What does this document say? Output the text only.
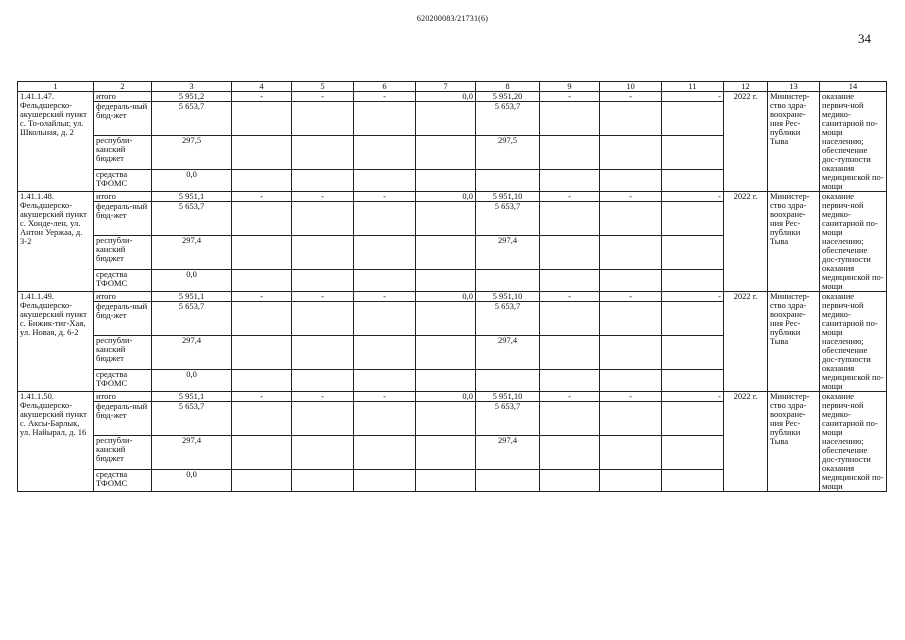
620200083/21731(6)
34
1	2	3	4	5	6	7	8	9	10	11	12	13	14
1.41.1.47. Фельдшерско-акушерский пункт с. То-олайлыг, ул. Школьная, д. 2	итого	5 951,2	-	-	-	0,0	5 951,20	-	-	-	2022 г.	Министер-ство здра-воохране-ния Рес-публики Тыва	оказание первич-ной медико-санитарной по-мощи населению; обеспечение дос-тупности оказания медицинской по-мощи
	федераль-ный бюд-жет	5 653,7					5 653,7						
	республи-канский бюджет	297,5					297,5						
	средства ТФОМС	0,0											
1.41.1.48. Фельдшерско-акушерский пункт с. Хонде-лен, ул. Антон Уержаа, д. 3-2	итого	5 951,1	-	-	-	0,0	5 951,10	-	-	-	2022 г.	Министер-ство здра-воохране-ния Рес-публики Тыва	оказание первич-ной медико-санитарной по-мощи населению; обеспечение дос-тупности оказания медицинской по-мощи
	федераль-ный бюд-жет	5 653,7					5 653,7						
	республи-канский бюджет	297,4					297,4						
	средства ТФОМС	0,0											
1.41.1.49. Фельдшерско-акушерский пункт с. Бижик-тиг-Хая, ул. Новая, д. 6-2	итого	5 951,1	-	-	-	0,0	5 951,10	-	-	-	2022 г.	Министер-ство здра-воохране-ния Рес-публики Тыва	оказание первич-ной медико-санитарной по-мощи населению; обеспечение дос-тупности оказания медицинской по-мощи
	федераль-ный бюд-жет	5 653,7					5 653,7						
	республи-канский бюджет	297,4					297,4						
	средства ТФОМС	0,0											
1.41.1.50. Фельдшерско-акушерский пункт с. Аксы-Барлык, ул. Найырал, д. 16	итого	5 951,1	-	-	-	0,0	5 951,10	-	-	-	2022 г.	Министер-ство здра-воохране-ния Рес-публики Тыва	оказание первич-ной медико-санитарной по-мощи населению; обеспечение дос-тупности оказания медицинской по-мощи
	федераль-ный бюд-жет	5 653,7					5 653,7						
	республи-канский бюджет	297,4					297,4						
	средства ТФОМС	0,0											
